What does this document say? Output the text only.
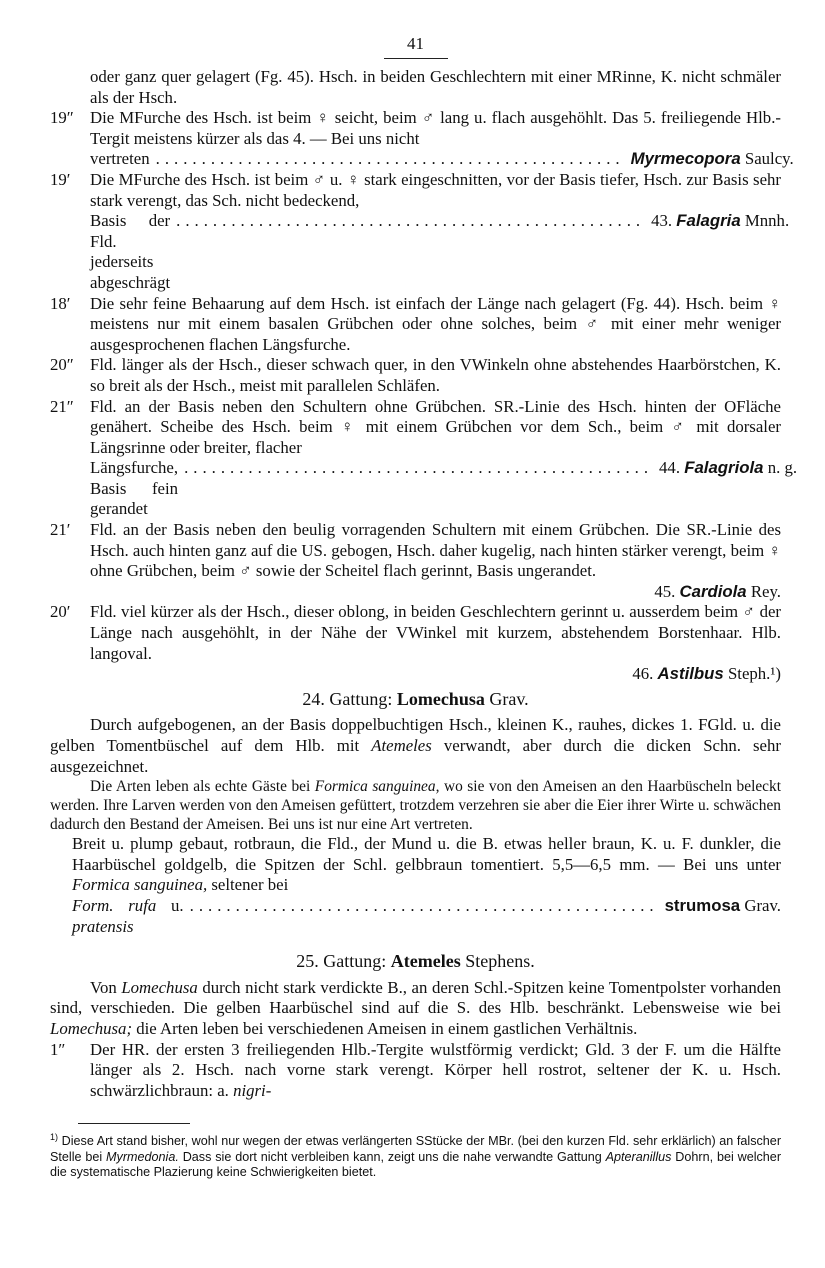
41
oder ganz quer gelagert (Fg. 45). Hsch. in beiden Geschlechtern mit einer MRinne, K. nicht schmäler als der Hsch.
19″ Die MFurche des Hsch. ist beim ♀ seicht, beim ♂ lang u. flach ausgehöhlt. Das 5. freiliegende Hlb.-Tergit meistens kürzer als das 4. — Bei uns nicht
vertreten ................................................... Myrmecopora Saulcy.
19′ Die MFurche des Hsch. ist beim ♂ u. ♀ stark eingeschnitten, vor der Basis tiefer, Hsch. zur Basis sehr stark verengt, das Sch. nicht bedeckend,
Basis der Fld. jederseits abgeschrägt
................................................... 43. Falagria Mnnh.
18′ Die sehr feine Behaarung auf dem Hsch. ist einfach der Länge nach gelagert (Fg. 44). Hsch. beim ♀ meistens nur mit einem basalen Grübchen oder ohne solches, beim ♂ mit einer mehr weniger ausgesprochenen flachen Längsfurche.
20″ Fld. länger als der Hsch., dieser schwach quer, in den VWinkeln ohne abstehendes Haarbörstchen, K. so breit als der Hsch., meist mit parallelen Schläfen.
21″ Fld. an der Basis neben den Schultern ohne Grübchen. SR.-Linie des Hsch. hinten der OFläche genähert. Scheibe des Hsch. beim ♀ mit einem Grübchen vor dem Sch., beim ♂ mit dorsaler Längsrinne oder breiter, flacher
Längsfurche, Basis fein gerandet
................................................... 44. Falagriola n. g.
21′ Fld. an der Basis neben den beulig vorragenden Schultern mit einem Grübchen. Die SR.-Linie des Hsch. auch hinten ganz auf die US. gebogen, Hsch. daher kugelig, nach hinten stärker verengt, beim ♀ ohne Grübchen, beim ♂ sowie der Scheitel flach gerinnt, Basis ungerandet.
45. Cardiola Rey.
20′ Fld. viel kürzer als der Hsch., dieser oblong, in beiden Geschlechtern gerinnt u. ausserdem beim ♂ der Länge nach ausgehöhlt, in der Nähe der VWinkel mit kurzem, abstehendem Borstenhaar. Hlb. langoval.
46. Astilbus Steph.¹)
24. Gattung: Lomechusa Grav.
Durch aufgebogenen, an der Basis doppelbuchtigen Hsch., kleinen K., rauhes, dickes 1. FGld. u. die gelben Tomentbüschel auf dem Hlb. mit Atemeles verwandt, aber durch die dicken Schn. sehr ausgezeichnet.
Die Arten leben als echte Gäste bei Formica sanguinea, wo sie von den Ameisen an den Haarbüscheln beleckt werden. Ihre Larven werden von den Ameisen gefüttert, trotzdem verzehren sie aber die Eier ihrer Wirte u. schwächen dadurch den Bestand der Ameisen. Bei uns ist nur eine Art vertreten.
Breit u. plump gebaut, rotbraun, die Fld., der Mund u. die B. etwas heller braun, K. u. F. dunkler, die Haarbüschel goldgelb, die Spitzen der Schl. gelbbraun tomentiert. 5,5—6,5 mm. — Bei uns unter Formica sanguinea, seltener bei
Form. rufa u. pratensis
................................................... strumosa Grav.
25. Gattung: Atemeles Stephens.
Von Lomechusa durch nicht stark verdickte B., an deren Schl.-Spitzen keine Tomentpolster vorhanden sind, verschieden. Die gelben Haarbüschel sind auf die S. des Hlb. beschränkt. Lebensweise wie bei Lomechusa; die Arten leben bei verschiedenen Ameisen in einem gastlichen Verhältnis.
1″ Der HR. der ersten 3 freiliegenden Hlb.-Tergite wulstförmig verdickt; Gld. 3 der F. um die Hälfte länger als 2. Hsch. nach vorne stark verengt. Körper hell rostrot, seltener der K. u. Hsch. schwärzlichbraun: a. nigri-
$^{1)}$ Diese Art stand bisher, wohl nur wegen der etwas verlängerten SStücke der MBr. (bei den kurzen Fld. sehr erklärlich) an falscher Stelle bei Myrmedonia. Dass sie dort nicht verbleiben kann, zeigt uns die nahe verwandte Gattung Apteranillus Dohrn, bei welcher die systematische Plazierung keine Schwierigkeiten bietet.
